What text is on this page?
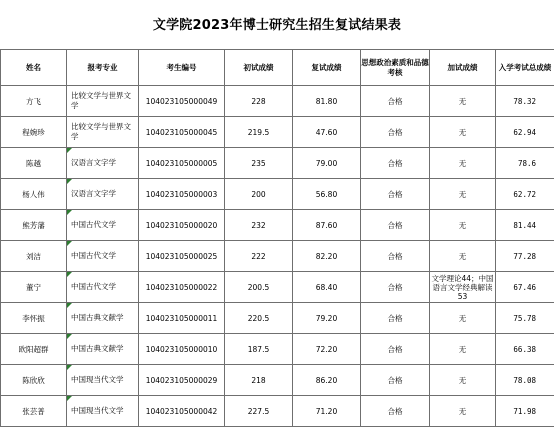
文学院2023年博士研究生招生复试结果表
姓名	报考专业	考生编号	初试成绩	复试成绩	思想政治素质和品德考核	加试成绩	入学考试总成绩
方飞	比较文学与世界文学	104023105000049	228	81.80	合格	无	78.32
程婉珍	比较文学与世界文学	104023105000045	219.5	47.60	合格	无	62.94
陈越	汉语言文字学	104023105000005	235	79.00	合格	无	78.6
杨人伟	汉语言文字学	104023105000003	200	56.80	合格	无	62.72
熊芳藩	中国古代文学	104023105000020	232	87.60	合格	无	81.44
刘洁	中国古代文学	104023105000025	222	82.20	合格	无	77.28
董宁	中国古代文学	104023105000022	200.5	68.40	合格	文学理论44；中国语言文学经典解读53	67.46
李怀振	中国古典文献学	104023105000011	220.5	79.20	合格	无	75.78
欧阳超群	中国古典文献学	104023105000010	187.5	72.20	合格	无	66.38
陈欣欣	中国现当代文学	104023105000029	218	86.20	合格	无	78.08
张芸普	中国现当代文学	104023105000042	227.5	71.20	合格	无	71.98
